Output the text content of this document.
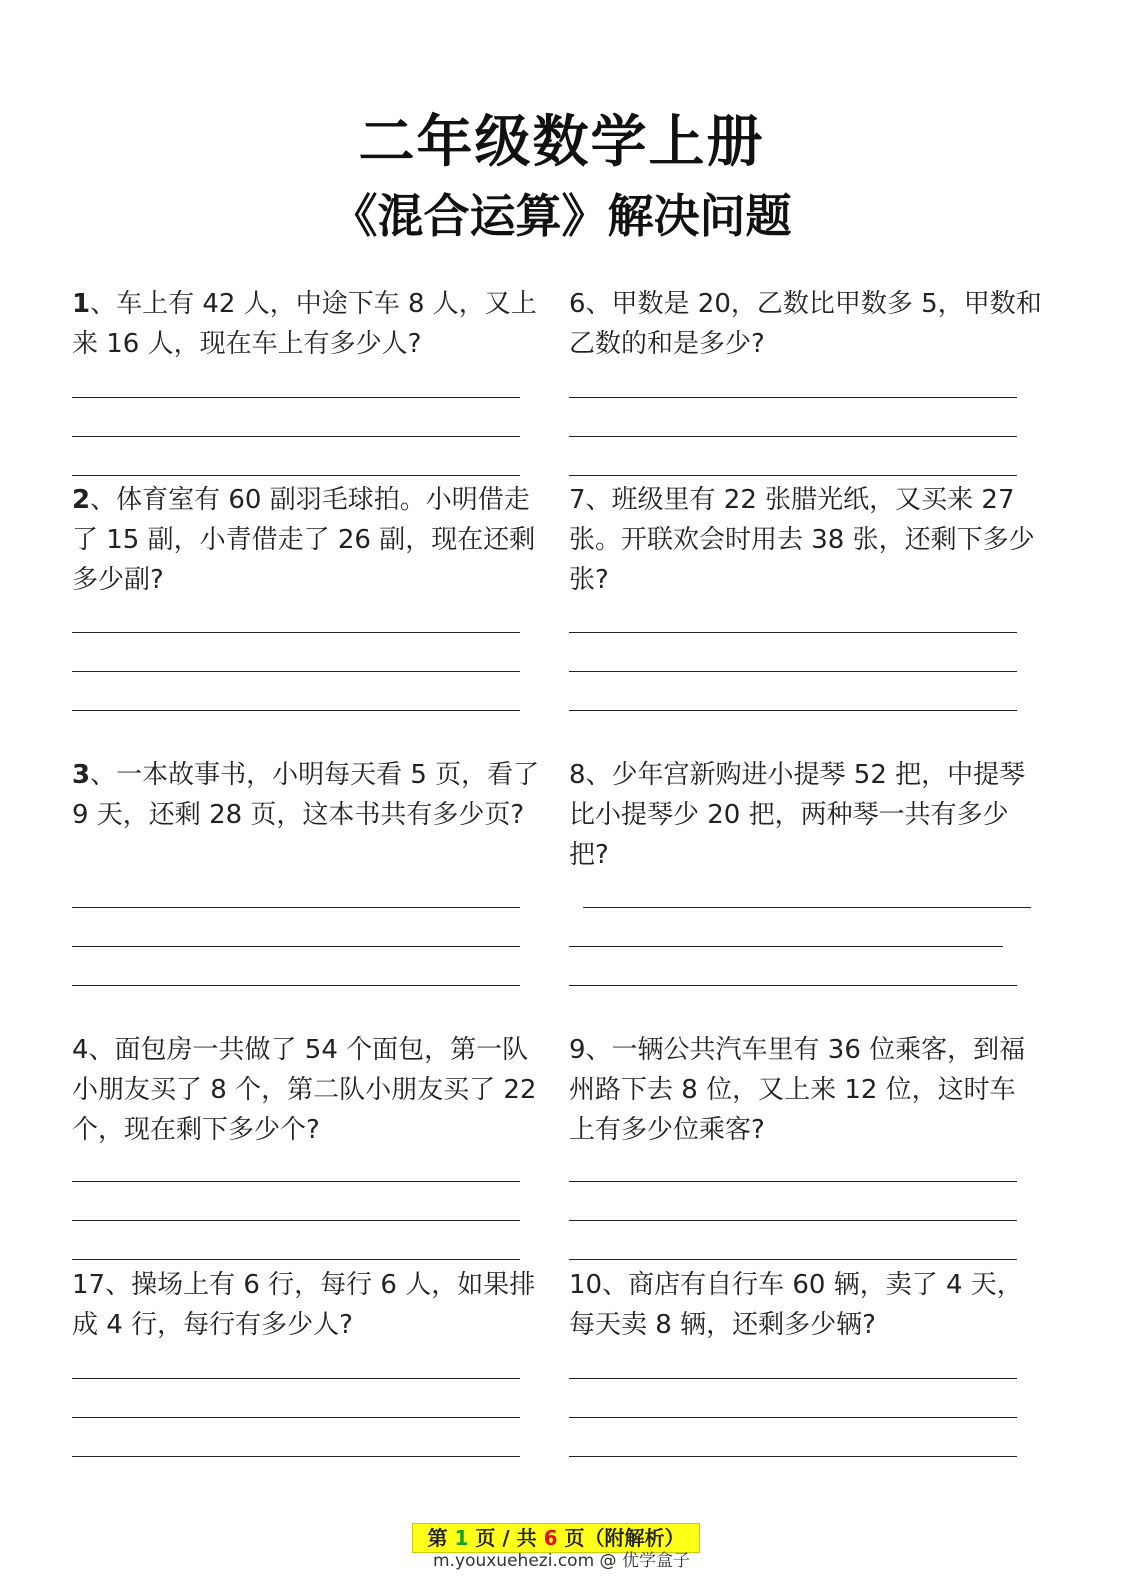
二年级数学上册
《混合运算》解决问题
1、车上有 42 人，中途下车 8 人，又上来 16 人，现在车上有多少人?
2、体育室有 60 副羽毛球拍。小明借走了 15 副，小青借走了 26 副，现在还剩多少副?
3、一本故事书，小明每天看 5 页，看了 9 天，还剩 28 页，这本书共有多少页?
4、面包房一共做了 54 个面包，第一队小朋友买了 8 个，第二队小朋友买了 22 个，现在剩下多少个?
17、操场上有 6 行，每行 6 人，如果排成 4 行，每行有多少人?
6、甲数是 20，乙数比甲数多 5，甲数和乙数的和是多少?
7、班级里有 22 张腊光纸，又买来 27 张。开联欢会时用去 38 张，还剩下多少张?
8、少年宫新购进小提琴 52 把，中提琴比小提琴少 20 把，两种琴一共有多少把?
9、一辆公共汽车里有 36 位乘客，到福州路下去 8 位，又上来 12 位，这时车上有多少位乘客?
10、商店有自行车 60 辆，卖了 4 天，每天卖 8 辆，还剩多少辆?
第 1 页 / 共 6 页（附解析）
m.youxuehezi.com @ 优学盒子
